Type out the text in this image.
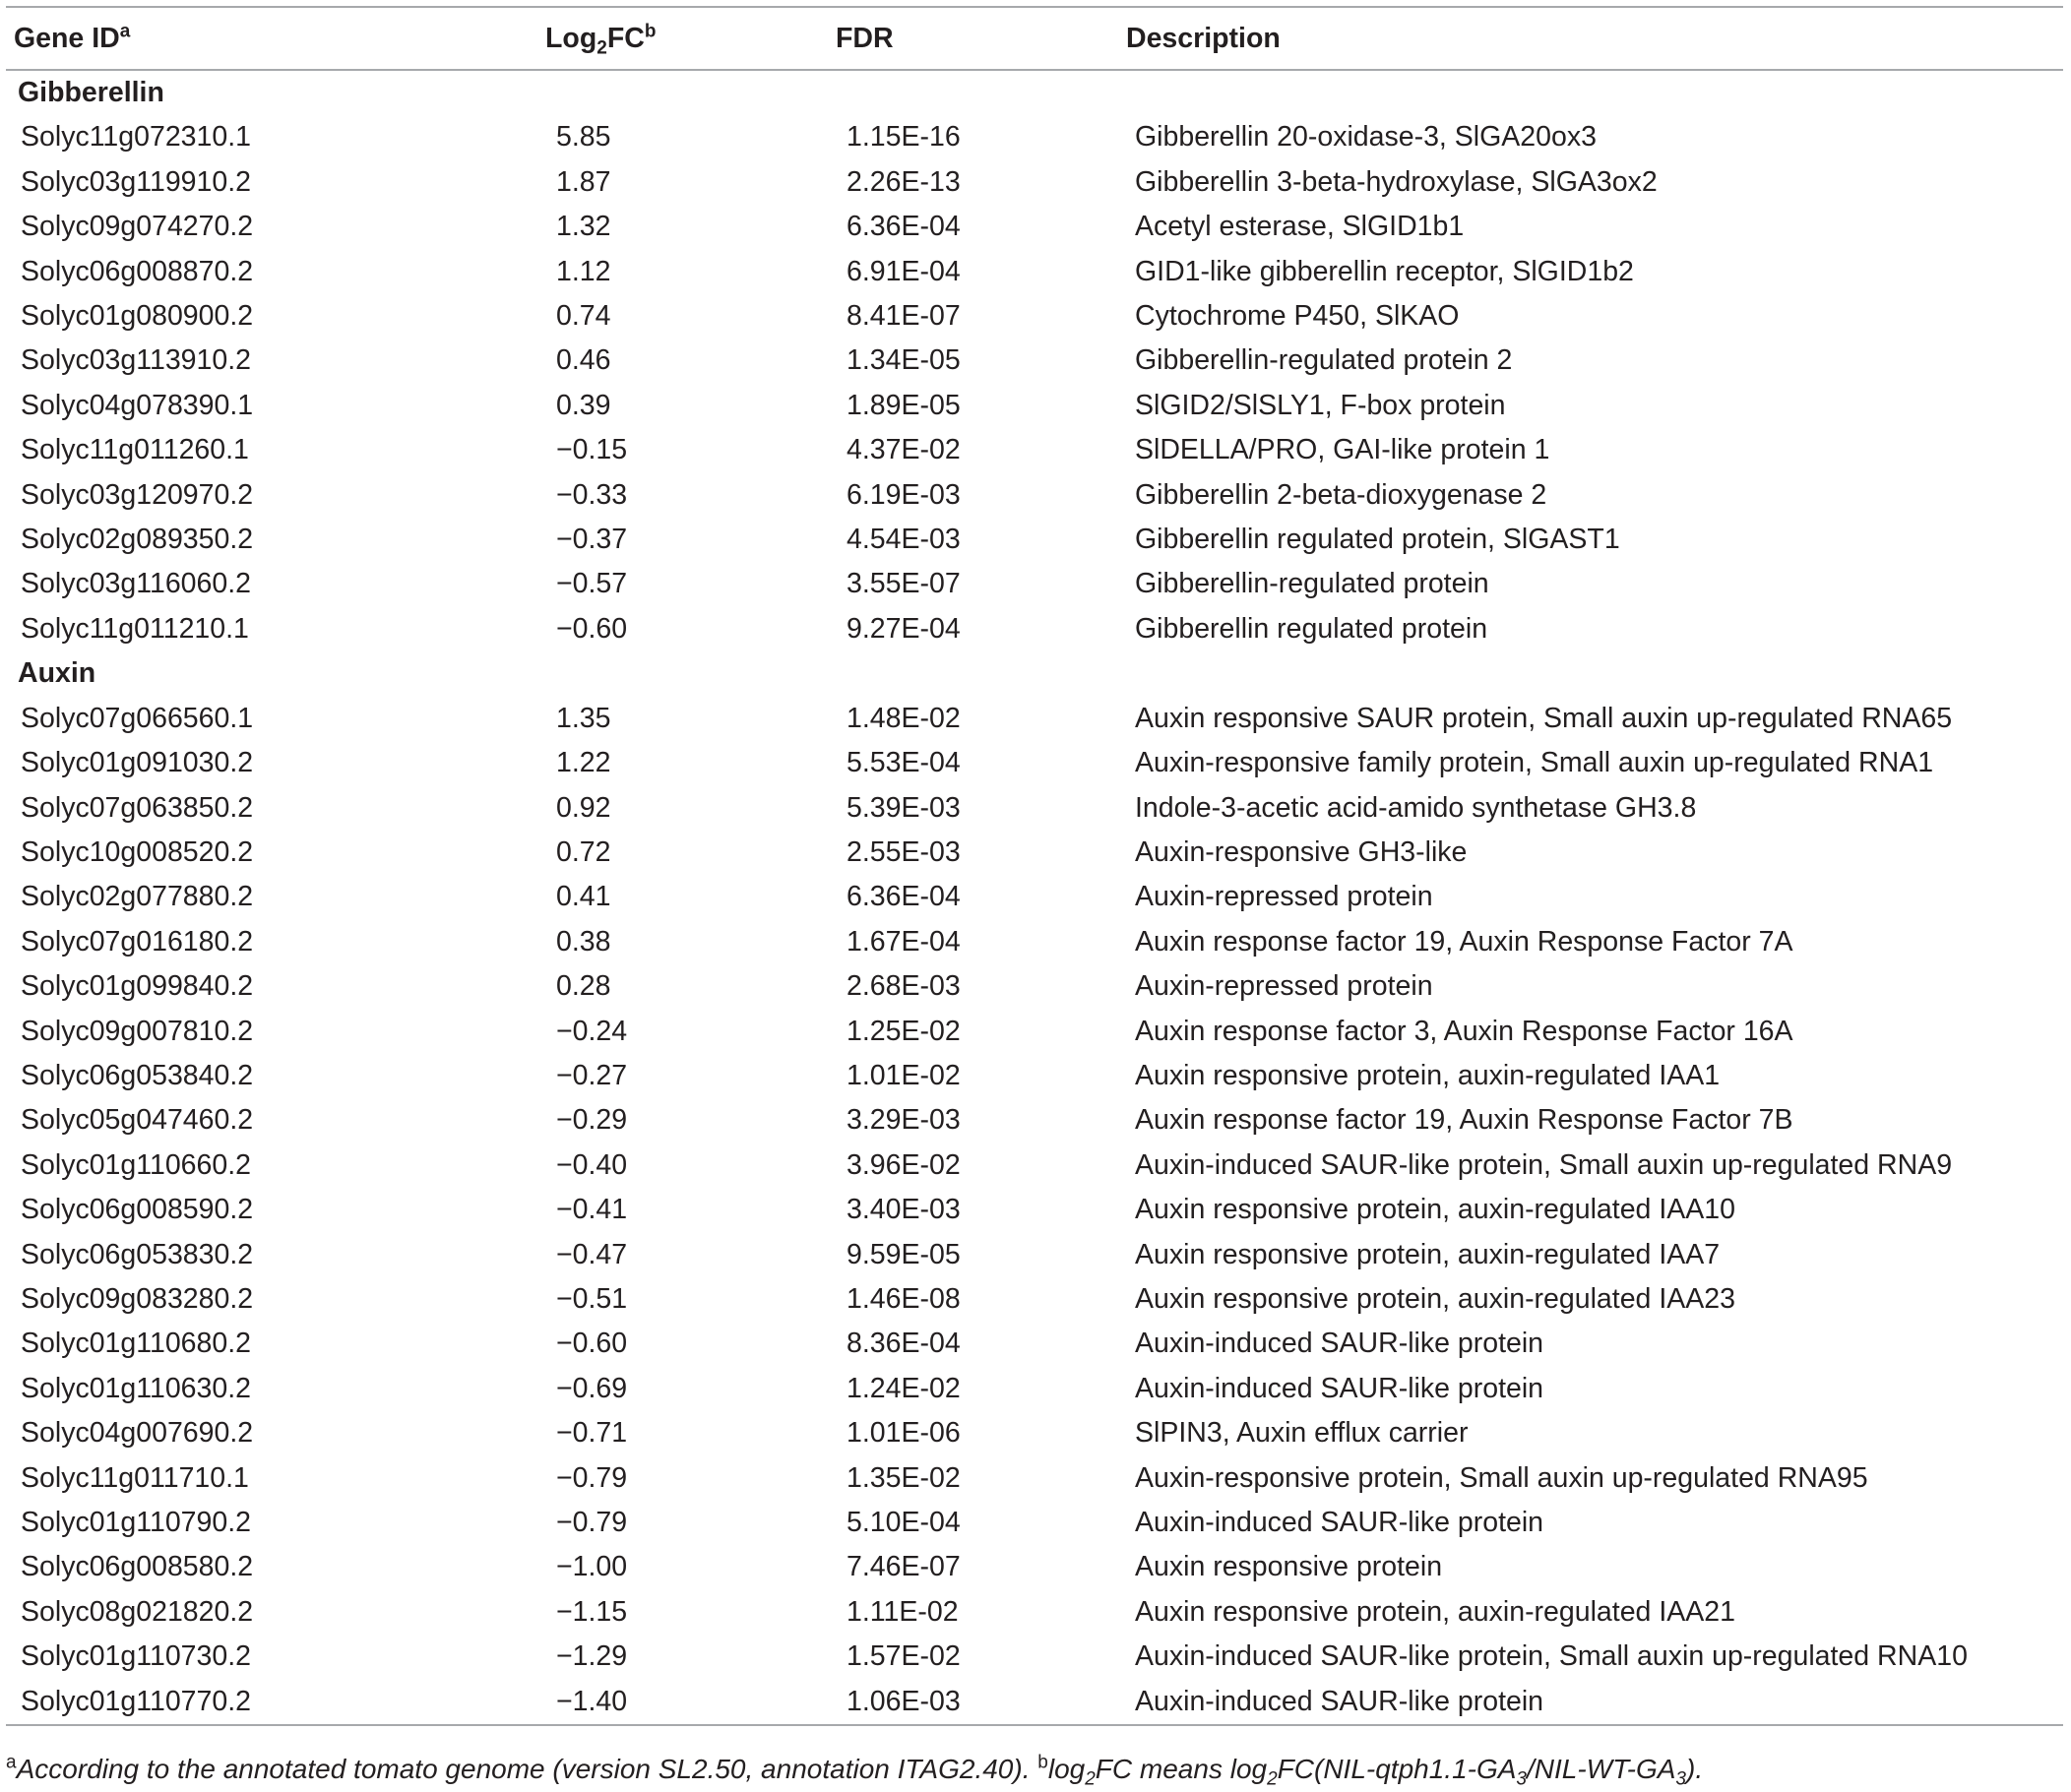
Gene $ID^a$	$Log_2FC^b$	FDR	Description
Gibberellin			
Solyc11g072310.1	5.85	1.15E-16	Gibberellin 20-oxidase-3, SlGA20ox3
Solyc03g119910.2	1.87	2.26E-13	Gibberellin 3-beta-hydroxylase, SlGA3ox2
Solyc09g074270.2	1.32	6.36E-04	Acetyl esterase, SlGID1b1
Solyc06g008870.2	1.12	6.91E-04	GID1-like gibberellin receptor, SlGID1b2
Solyc01g080900.2	0.74	8.41E-07	Cytochrome P450, SlKAO
Solyc03g113910.2	0.46	1.34E-05	Gibberellin-regulated protein 2
Solyc04g078390.1	0.39	1.89E-05	SlGID2/SlSLY1, F-box protein
Solyc11g011260.1	−0.15	4.37E-02	SlDELLA/PRO, GAI-like protein 1
Solyc03g120970.2	−0.33	6.19E-03	Gibberellin 2-beta-dioxygenase 2
Solyc02g089350.2	−0.37	4.54E-03	Gibberellin regulated protein, SlGAST1
Solyc03g116060.2	−0.57	3.55E-07	Gibberellin-regulated protein
Solyc11g011210.1	−0.60	9.27E-04	Gibberellin regulated protein
Auxin			
Solyc07g066560.1	1.35	1.48E-02	Auxin responsive SAUR protein, Small auxin up-regulated RNA65
Solyc01g091030.2	1.22	5.53E-04	Auxin-responsive family protein, Small auxin up-regulated RNA1
Solyc07g063850.2	0.92	5.39E-03	Indole-3-acetic acid-amido synthetase GH3.8
Solyc10g008520.2	0.72	2.55E-03	Auxin-responsive GH3-like
Solyc02g077880.2	0.41	6.36E-04	Auxin-repressed protein
Solyc07g016180.2	0.38	1.67E-04	Auxin response factor 19, Auxin Response Factor 7A
Solyc01g099840.2	0.28	2.68E-03	Auxin-repressed protein
Solyc09g007810.2	−0.24	1.25E-02	Auxin response factor 3, Auxin Response Factor 16A
Solyc06g053840.2	−0.27	1.01E-02	Auxin responsive protein, auxin-regulated IAA1
Solyc05g047460.2	−0.29	3.29E-03	Auxin response factor 19, Auxin Response Factor 7B
Solyc01g110660.2	−0.40	3.96E-02	Auxin-induced SAUR-like protein, Small auxin up-regulated RNA9
Solyc06g008590.2	−0.41	3.40E-03	Auxin responsive protein, auxin-regulated IAA10
Solyc06g053830.2	−0.47	9.59E-05	Auxin responsive protein, auxin-regulated IAA7
Solyc09g083280.2	−0.51	1.46E-08	Auxin responsive protein, auxin-regulated IAA23
Solyc01g110680.2	−0.60	8.36E-04	Auxin-induced SAUR-like protein
Solyc01g110630.2	−0.69	1.24E-02	Auxin-induced SAUR-like protein
Solyc04g007690.2	−0.71	1.01E-06	SlPIN3, Auxin efflux carrier
Solyc11g011710.1	−0.79	1.35E-02	Auxin-responsive protein, Small auxin up-regulated RNA95
Solyc01g110790.2	−0.79	5.10E-04	Auxin-induced SAUR-like protein
Solyc06g008580.2	−1.00	7.46E-07	Auxin responsive protein
Solyc08g021820.2	−1.15	1.11E-02	Auxin responsive protein, auxin-regulated IAA21
Solyc01g110730.2	−1.29	1.57E-02	Auxin-induced SAUR-like protein, Small auxin up-regulated RNA10
Solyc01g110770.2	−1.40	1.06E-03	Auxin-induced SAUR-like protein
$^a$According to the annotated tomato genome (version SL2.50, annotation ITAG2.40). $^b\log_2FC$ means $\log_2FC(NIL-qtph1.1-GA_3/NIL-WT-GA_3)$.
